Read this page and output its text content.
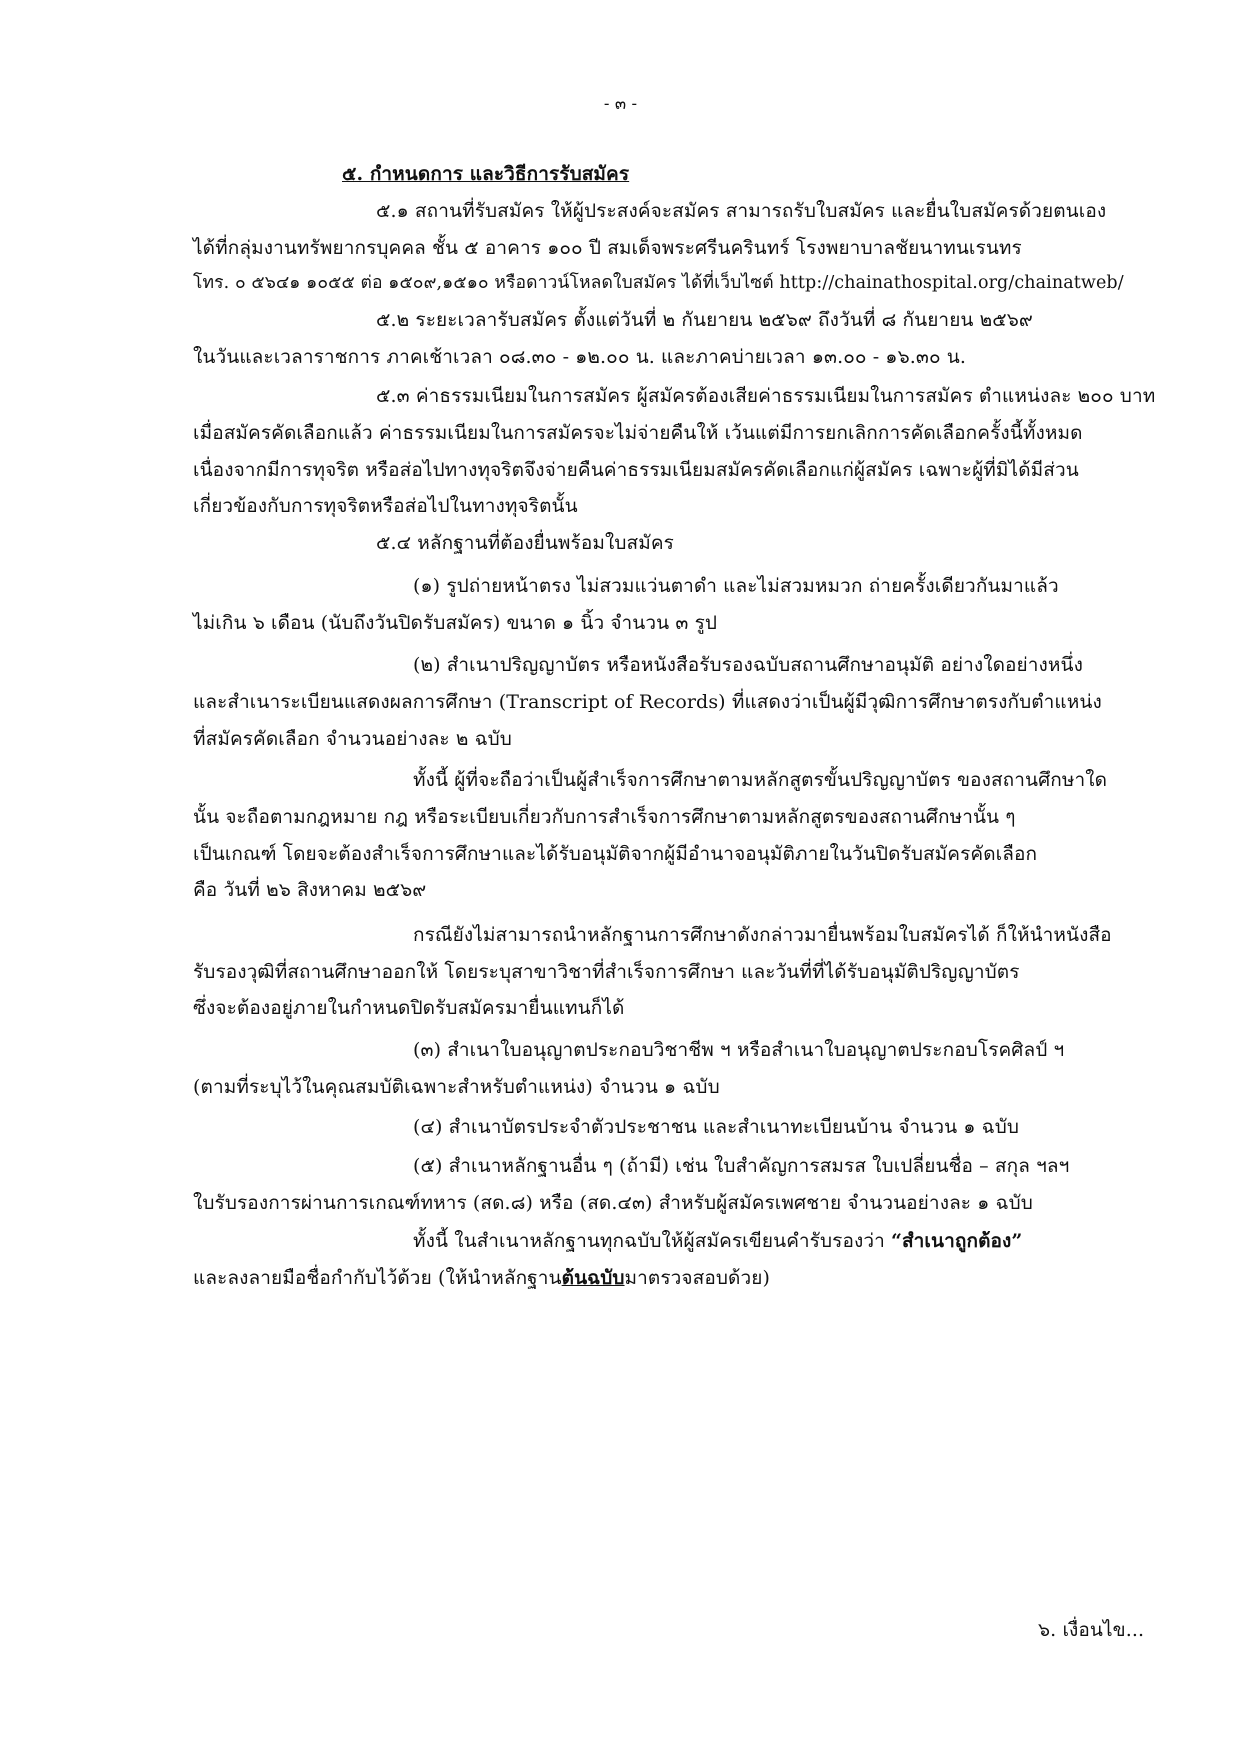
- ๓ -
๕. กำหนดการ และวิธีการรับสมัคร
๕.๑ สถานที่รับสมัคร ให้ผู้ประสงค์จะสมัคร สามารถรับใบสมัคร และยื่นใบสมัครด้วยตนเอง
ได้ที่กลุ่มงานทรัพยากรบุคคล ชั้น ๕ อาคาร ๑๐๐ ปี สมเด็จพระศรีนครินทร์ โรงพยาบาลชัยนาทนเรนทร
โทร. ๐ ๕๖๔๑ ๑๐๕๕ ต่อ ๑๕๐๙,๑๕๑๐ หรือดาวน์โหลดใบสมัคร ได้ที่เว็บไซต์ http://chainathospital.org/chainatweb/
๕.๒ ระยะเวลารับสมัคร ตั้งแต่วันที่ ๒ กันยายน ๒๕๖๙ ถึงวันที่ ๘ กันยายน ๒๕๖๙
ในวันและเวลาราชการ ภาคเช้าเวลา ๐๘.๓๐ - ๑๒.๐๐ น. และภาคบ่ายเวลา ๑๓.๐๐ - ๑๖.๓๐ น.
๕.๓ ค่าธรรมเนียมในการสมัคร ผู้สมัครต้องเสียค่าธรรมเนียมในการสมัคร ตำแหน่งละ ๒๐๐ บาท
เมื่อสมัครคัดเลือกแล้ว ค่าธรรมเนียมในการสมัครจะไม่จ่ายคืนให้ เว้นแต่มีการยกเลิกการคัดเลือกครั้งนี้ทั้งหมด
เนื่องจากมีการทุจริต หรือส่อไปทางทุจริตจึงจ่ายคืนค่าธรรมเนียมสมัครคัดเลือกแก่ผู้สมัคร เฉพาะผู้ที่มิได้มีส่วน
เกี่ยวข้องกับการทุจริตหรือส่อไปในทางทุจริตนั้น
๕.๔ หลักฐานที่ต้องยื่นพร้อมใบสมัคร
(๑) รูปถ่ายหน้าตรง ไม่สวมแว่นตาดำ และไม่สวมหมวก ถ่ายครั้งเดียวกันมาแล้ว
ไม่เกิน ๖ เดือน (นับถึงวันปิดรับสมัคร) ขนาด ๑ นิ้ว จำนวน ๓ รูป
(๒) สำเนาปริญญาบัตร หรือหนังสือรับรองฉบับสถานศึกษาอนุมัติ อย่างใดอย่างหนึ่ง
และสำเนาระเบียนแสดงผลการศึกษา (Transcript of Records) ที่แสดงว่าเป็นผู้มีวุฒิการศึกษาตรงกับตำแหน่ง
ที่สมัครคัดเลือก จำนวนอย่างละ ๒ ฉบับ
ทั้งนี้ ผู้ที่จะถือว่าเป็นผู้สำเร็จการศึกษาตามหลักสูตรขั้นปริญญาบัตร ของสถานศึกษาใด
นั้น จะถือตามกฎหมาย กฎ หรือระเบียบเกี่ยวกับการสำเร็จการศึกษาตามหลักสูตรของสถานศึกษานั้น ๆ
เป็นเกณฑ์ โดยจะต้องสำเร็จการศึกษาและได้รับอนุมัติจากผู้มีอำนาจอนุมัติภายในวันปิดรับสมัครคัดเลือก
คือ วันที่ ๒๖ สิงหาคม ๒๕๖๙
กรณียังไม่สามารถนำหลักฐานการศึกษาดังกล่าวมายื่นพร้อมใบสมัครได้ ก็ให้นำหนังสือ
รับรองวุฒิที่สถานศึกษาออกให้ โดยระบุสาขาวิชาที่สำเร็จการศึกษา และวันที่ที่ได้รับอนุมัติปริญญาบัตร
ซึ่งจะต้องอยู่ภายในกำหนดปิดรับสมัครมายื่นแทนก็ได้
(๓) สำเนาใบอนุญาตประกอบวิชาชีพ ฯ หรือสำเนาใบอนุญาตประกอบโรคศิลป์ ฯ
(ตามที่ระบุไว้ในคุณสมบัติเฉพาะสำหรับตำแหน่ง) จำนวน ๑ ฉบับ
(๔) สำเนาบัตรประจำตัวประชาชน และสำเนาทะเบียนบ้าน จำนวน ๑ ฉบับ
(๕) สำเนาหลักฐานอื่น ๆ (ถ้ามี) เช่น ใบสำคัญการสมรส ใบเปลี่ยนชื่อ – สกุล ฯลฯ
ใบรับรองการผ่านการเกณฑ์ทหาร (สด.๘) หรือ (สด.๔๓) สำหรับผู้สมัครเพศชาย จำนวนอย่างละ ๑ ฉบับ
ทั้งนี้ ในสำเนาหลักฐานทุกฉบับให้ผู้สมัครเขียนคำรับรองว่า “สำเนาถูกต้อง”
และลงลายมือชื่อกำกับไว้ด้วย (ให้นำหลักฐานต้นฉบับมาตรวจสอบด้วย)
๖. เงื่อนไข...
